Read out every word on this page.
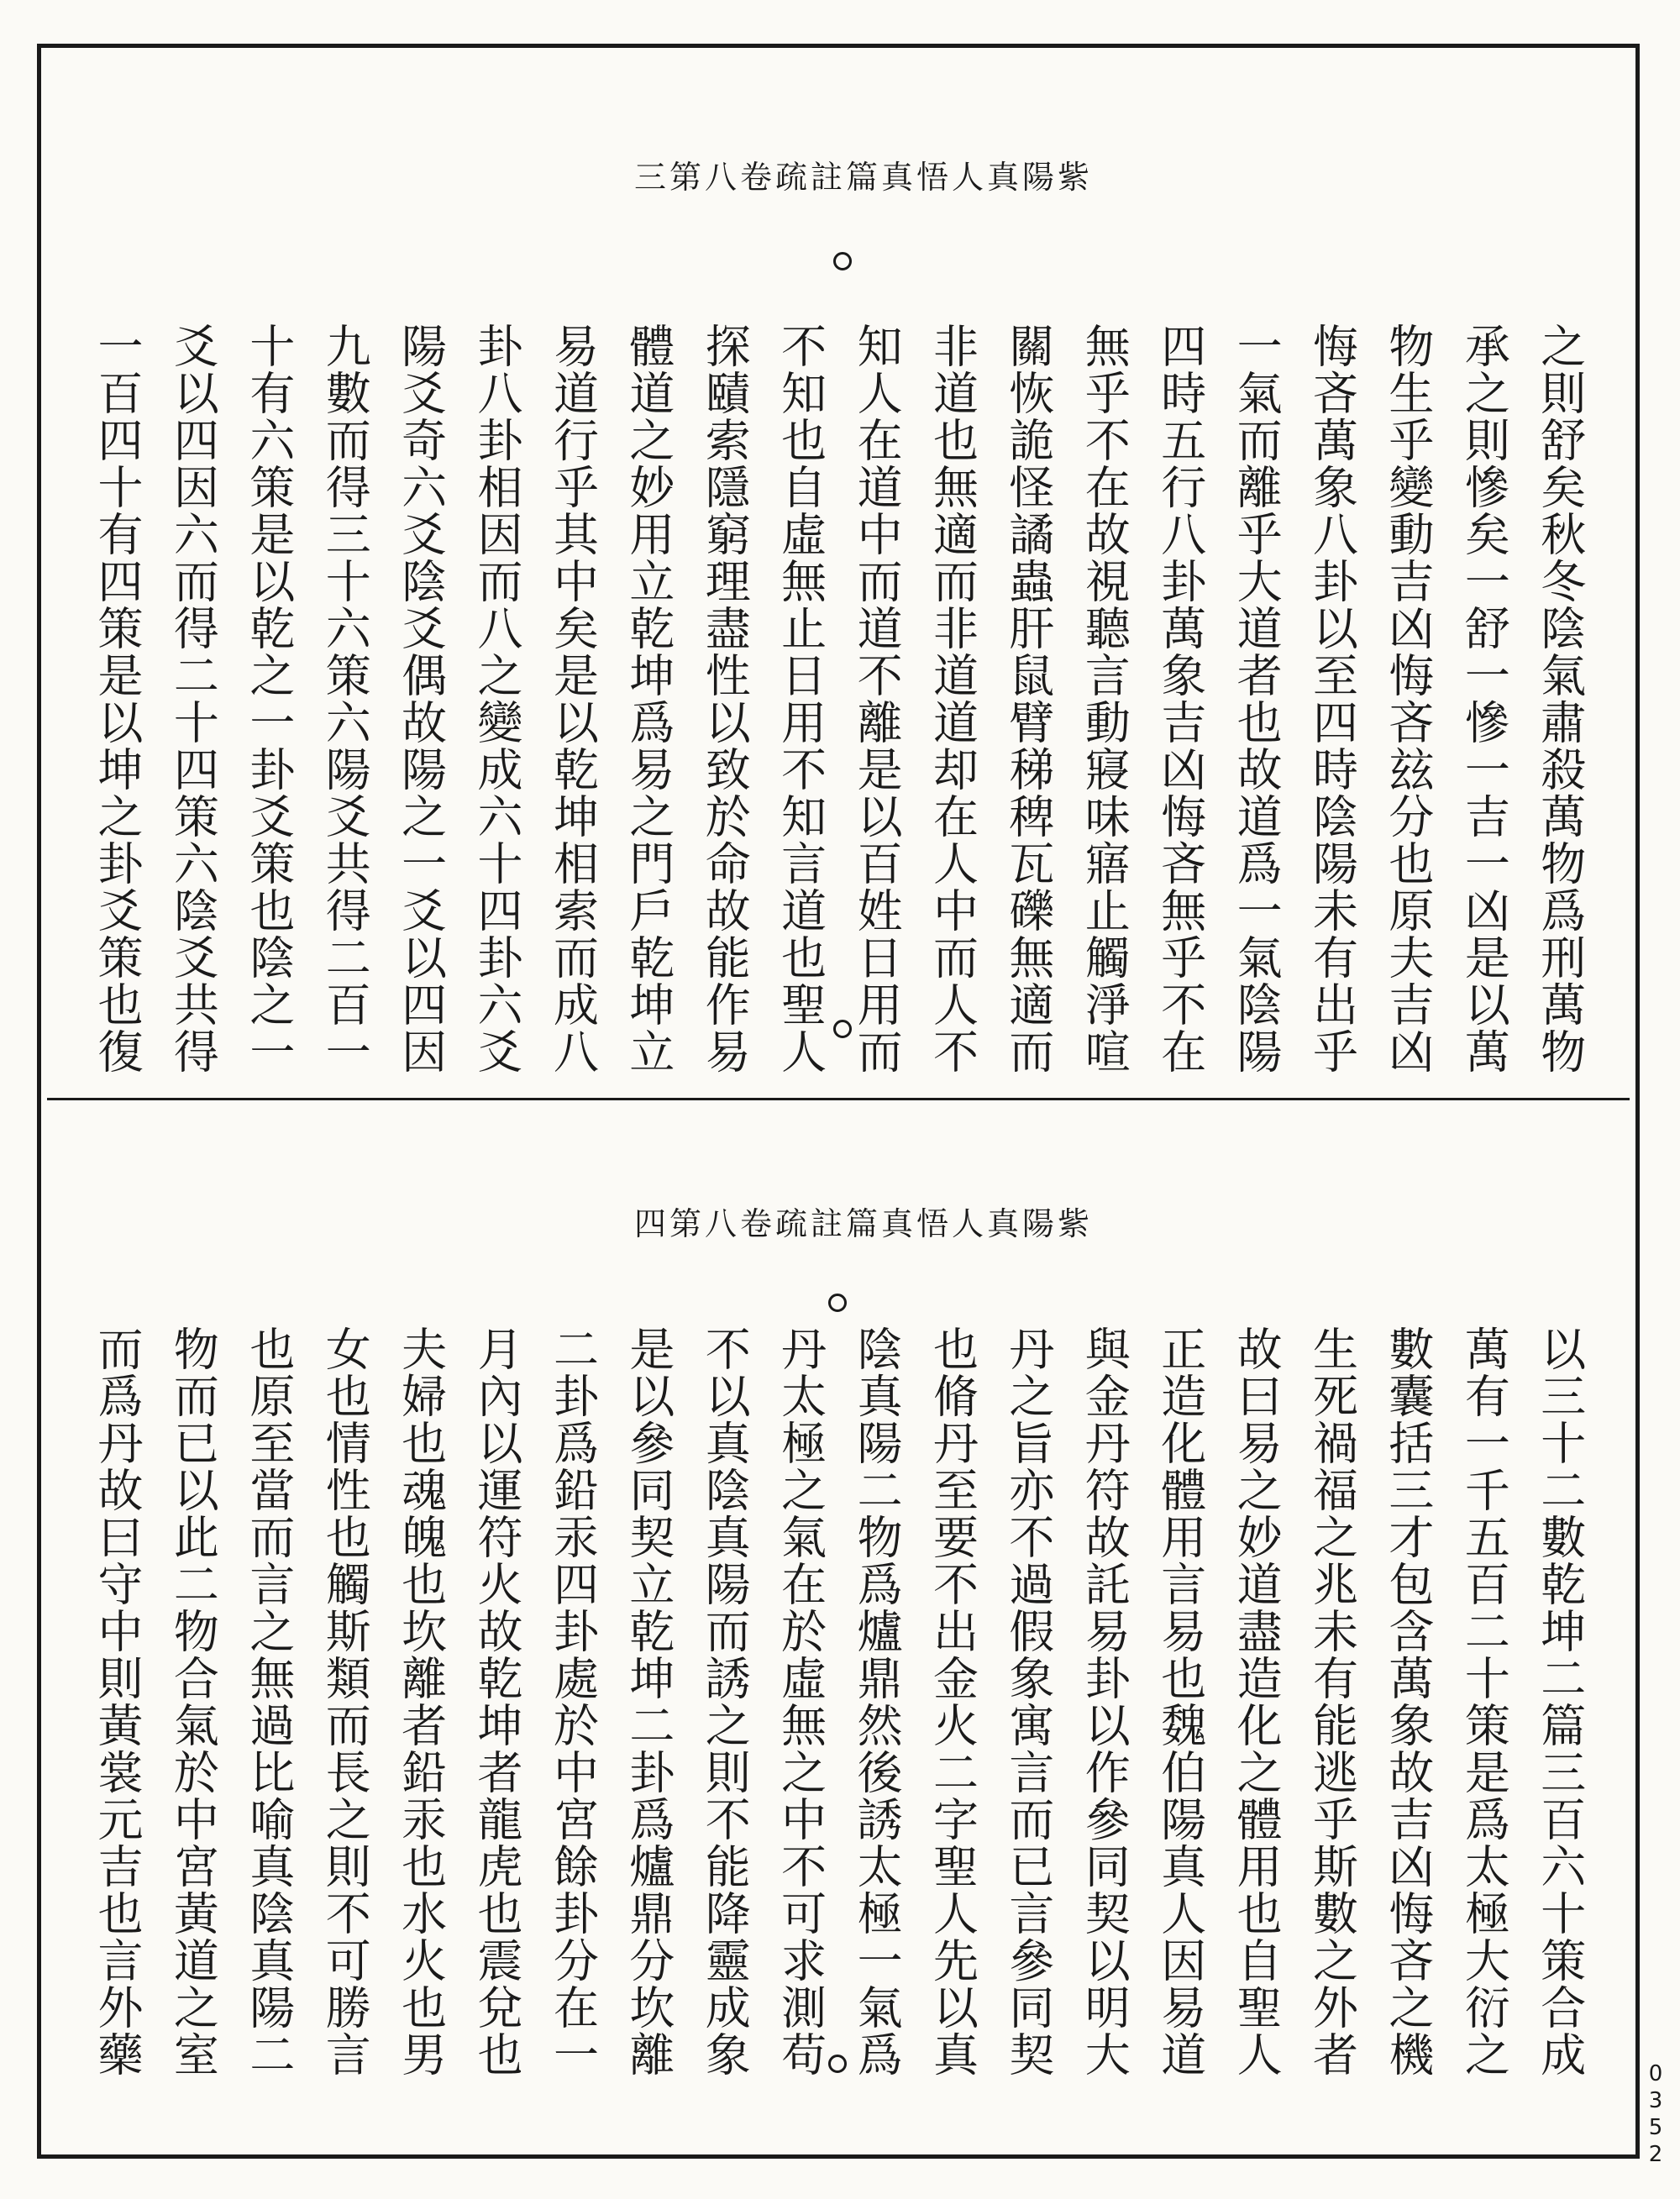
紫陽真人悟真篇註疏卷八第三
之則舒矣秋冬陰氣肅殺萬物爲刑萬物
承之則慘矣一舒一慘一吉一凶是以萬
物生乎變動吉凶悔吝玆分也原夫吉凶
悔吝萬象八卦以至四時陰陽未有出乎
一氣而離乎大道者也故道爲一氣陰陽
四時五行八卦萬象吉凶悔吝無乎不在
無乎不在故視聽言動寢味寤止觸淨喧
關恢詭怪譎蟲肝鼠臂稊稗瓦礫無適而
非道也無適而非道道却在人中而人不
知人在道中而道不離是以百姓日用而
不知也自虛無止日用不知言道也聖人
探賾索隱窮理盡性以致於命故能作易
體道之妙用立乾坤爲易之門戶乾坤立
易道行乎其中矣是以乾坤相索而成八
卦八卦相因而八之變成六十四卦六爻
陽爻奇六爻陰爻偶故陽之一爻以四因
九數而得三十六策六陽爻共得二百一
十有六策是以乾之一卦爻策也陰之一
爻以四因六而得二十四策六陰爻共得
一百四十有四策是以坤之卦爻策也復
紫陽真人悟真篇註疏卷八第四
以三十二數乾坤二篇三百六十策合成
萬有一千五百二十策是爲太極大衍之
數囊括三才包含萬象故吉凶悔吝之機
生死禍福之兆未有能逃乎斯數之外者
故曰易之妙道盡造化之體用也自聖人
正造化體用言易也魏伯陽真人因易道
與金丹符故託易卦以作參同契以明大
丹之旨亦不過假象寓言而已言參同契
也脩丹至要不出金火二字聖人先以真
陰真陽二物爲爐鼎然後誘太極一氣爲
丹太極之氣在於虛無之中不可求測苟
不以真陰真陽而誘之則不能降靈成象
是以參同契立乾坤二卦爲爐鼎分坎離
二卦爲鉛汞四卦處於中宮餘卦分在一
月內以運符火故乾坤者龍虎也震兌也
夫婦也魂魄也坎離者鉛汞也水火也男
女也情性也觸斯類而長之則不可勝言
也原至當而言之無過比喻真陰真陽二
物而已以此二物合氣於中宮黃道之室
而爲丹故曰守中則黃裳元吉也言外藥
0352
